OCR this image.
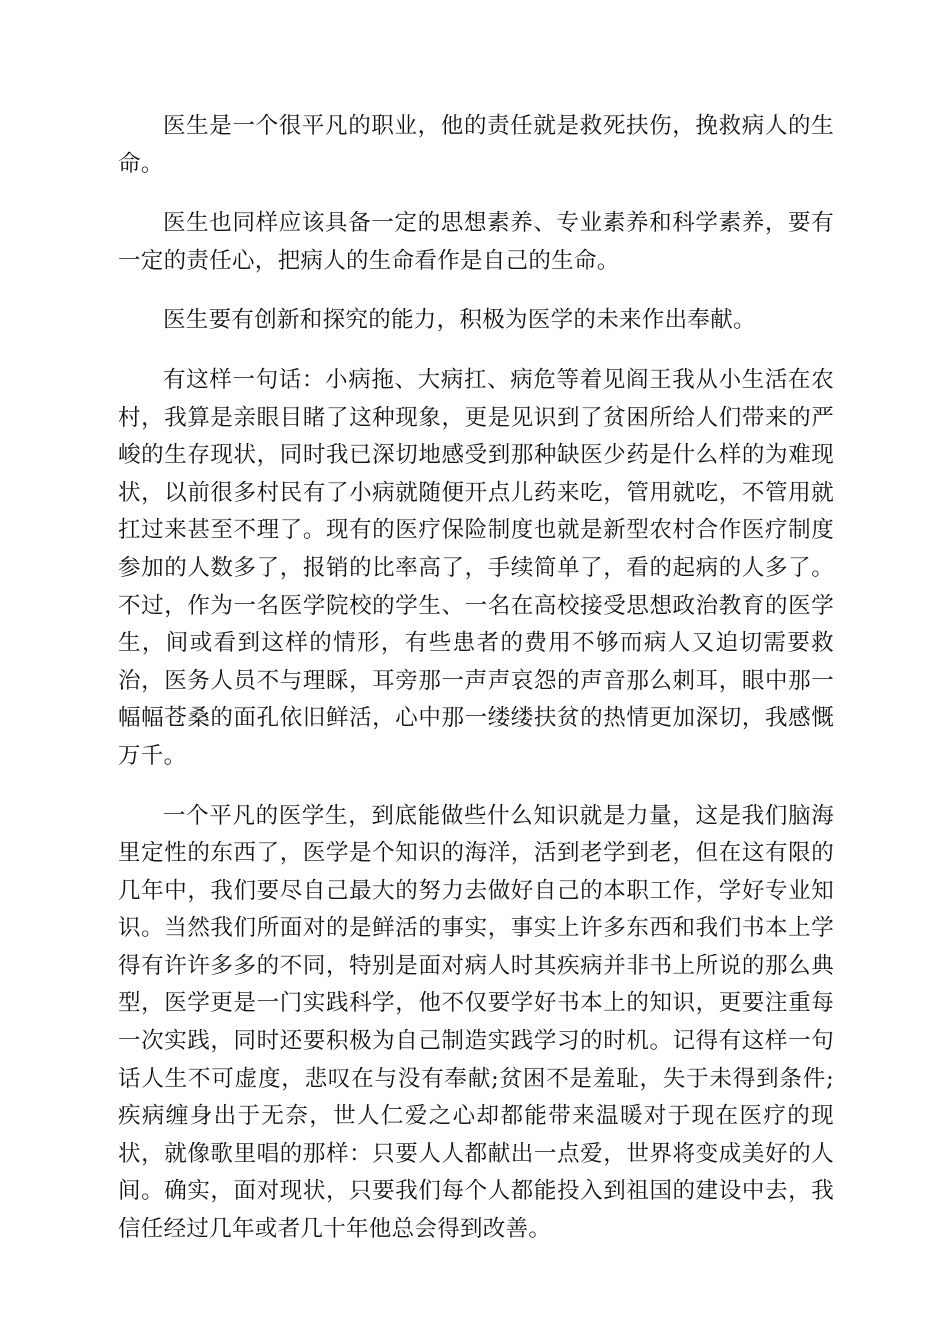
医生是一个很平凡的职业，他的责任就是救死扶伤，挽救病人的生命。

医生也同样应该具备一定的思想素养、专业素养和科学素养，要有一定的责任心，把病人的生命看作是自己的生命。

医生要有创新和探究的能力，积极为医学的未来作出奉献。

有这样一句话：小病拖、大病扛、病危等着见阎王我从小生活在农村，我算是亲眼目睹了这种现象，更是见识到了贫困所给人们带来的严峻的生存现状，同时我已深切地感受到那种缺医少药是什么样的为难现状，以前很多村民有了小病就随便开点儿药来吃，管用就吃，不管用就扛过来甚至不理了。现有的医疗保险制度也就是新型农村合作医疗制度参加的人数多了，报销的比率高了，手续简单了，看的起病的人多了。不过，作为一名医学院校的学生、一名在高校接受思想政治教育的医学生，间或看到这样的情形，有些患者的费用不够而病人又迫切需要救治，医务人员不与理睬，耳旁那一声声哀怨的声音那么刺耳，眼中那一幅幅苍桑的面孔依旧鲜活，心中那一缕缕扶贫的热情更加深切，我感慨万千。

一个平凡的医学生，到底能做些什么知识就是力量，这是我们脑海里定性的东西了，医学是个知识的海洋，活到老学到老，但在这有限的几年中，我们要尽自己最大的努力去做好自己的本职工作，学好专业知识。当然我们所面对的是鲜活的事实，事实上许多东西和我们书本上学得有许许多多的不同，特别是面对病人时其疾病并非书上所说的那么典型，医学更是一门实践科学，他不仅要学好书本上的知识，更要注重每一次实践，同时还要积极为自己制造实践学习的时机。记得有这样一句话人生不可虚度，悲叹在与没有奉献;贫困不是羞耻，失于未得到条件;疾病缠身出于无奈，世人仁爱之心却都能带来温暖对于现在医疗的现状，就像歌里唱的那样：只要人人都献出一点爱，世界将变成美好的人间。确实，面对现状，只要我们每个人都能投入到祖国的建设中去，我信任经过几年或者几十年他总会得到改善。
